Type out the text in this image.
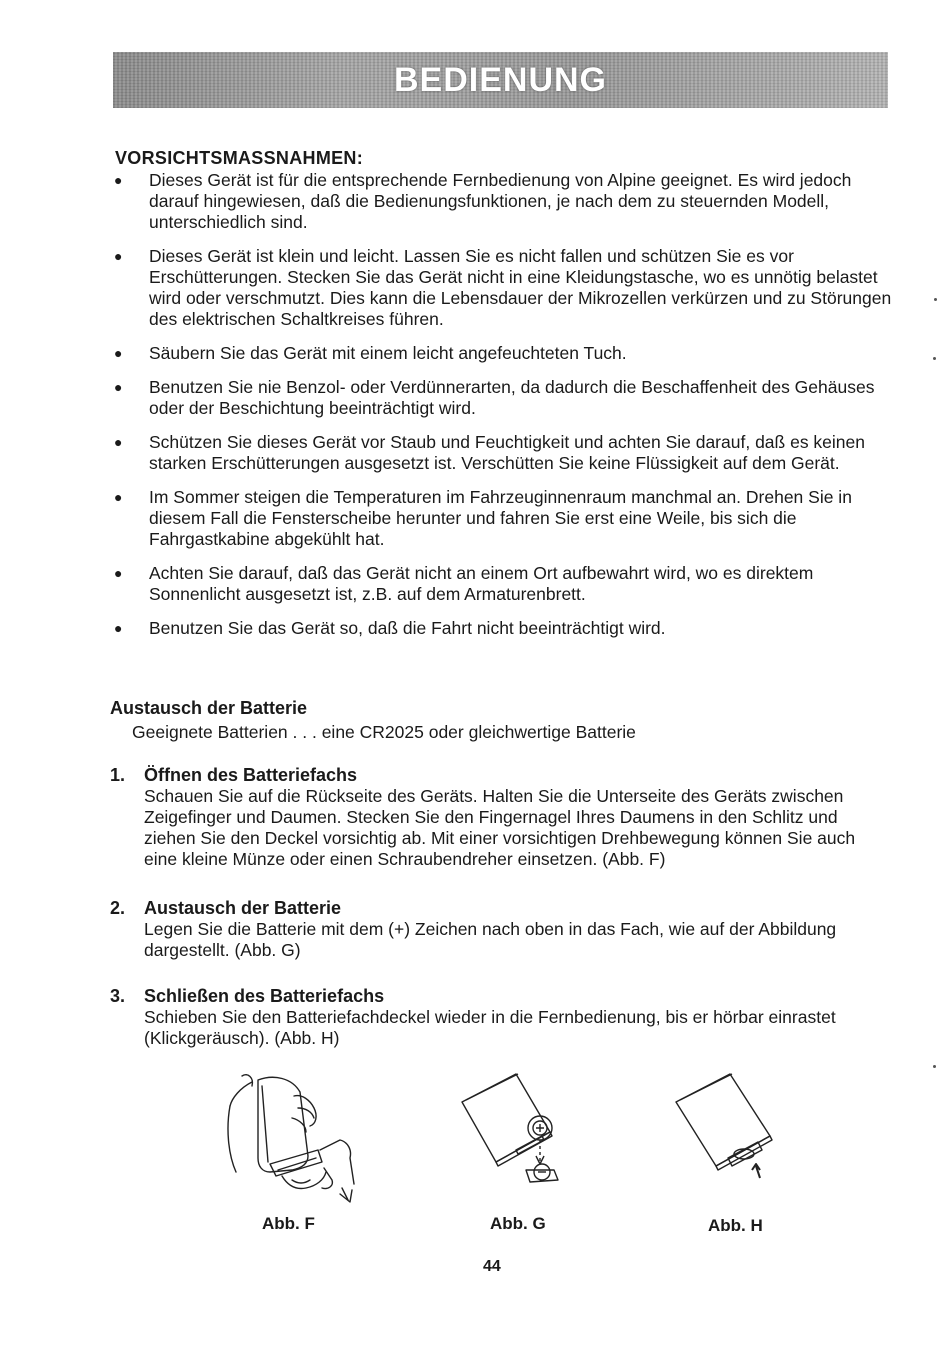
BEDIENUNG
VORSICHTSMASSNAHMEN:
●	Dieses Gerät ist für die entsprechende Fernbedienung von Alpine geeignet. Es wird jedoch darauf hingewiesen, daß die Bedienungsfunktionen, je nach dem zu steuernden Modell, unterschiedlich sind.
●	Dieses Gerät ist klein und leicht. Lassen Sie es nicht fallen und schützen Sie es vor Erschütterungen. Stecken Sie das Gerät nicht in eine Kleidungstasche, wo es unnötig belastet wird oder verschmutzt. Dies kann die Lebensdauer der Mikrozellen verkürzen und zu Störungen des elektrischen Schaltkreises führen.
●	Säubern Sie das Gerät mit einem leicht angefeuchteten Tuch.
●	Benutzen Sie nie Benzol- oder Verdünnerarten, da dadurch die Beschaffenheit des Gehäuses oder der Beschichtung beeinträchtigt wird.
●	Schützen Sie dieses Gerät vor Staub und Feuchtigkeit und achten Sie darauf, daß es keinen starken Erschütterungen ausgesetzt ist. Verschütten Sie keine Flüssigkeit auf dem Gerät.
●	Im Sommer steigen die Temperaturen im Fahrzeuginnenraum manchmal an. Drehen Sie in diesem Fall die Fensterscheibe herunter und fahren Sie erst eine Weile, bis sich die Fahrgastkabine abgekühlt hat.
●	Achten Sie darauf, daß das Gerät nicht an einem Ort aufbewahrt wird, wo es direktem Sonnenlicht ausgesetzt ist, z.B. auf dem Armaturenbrett.
●	Benutzen Sie das Gerät so, daß die Fahrt nicht beeinträchtigt wird.
Austausch der Batterie
Geeignete Batterien . . . eine CR2025 oder gleichwertige Batterie
1.	Öffnen des Batteriefachs
Schauen Sie auf die Rückseite des Geräts. Halten Sie die Unterseite des Geräts zwischen Zeigefinger und Daumen. Stecken Sie den Fingernagel Ihres Daumens in den Schlitz und ziehen Sie den Deckel vorsichtig ab. Mit einer vorsichtigen Drehbewegung können Sie auch eine kleine Münze oder einen Schraubendreher einsetzen. (Abb. F)
2.	Austausch der Batterie
Legen Sie die Batterie mit dem (+) Zeichen nach oben in das Fach, wie auf der Abbildung dargestellt. (Abb. G)
3.	Schließen des Batteriefachs
Schieben Sie den Batteriefachdeckel wieder in die Fernbedienung, bis er hörbar einrastet (Klickgeräusch). (Abb. H)
Abb. F	Abb. G	Abb. H
44
